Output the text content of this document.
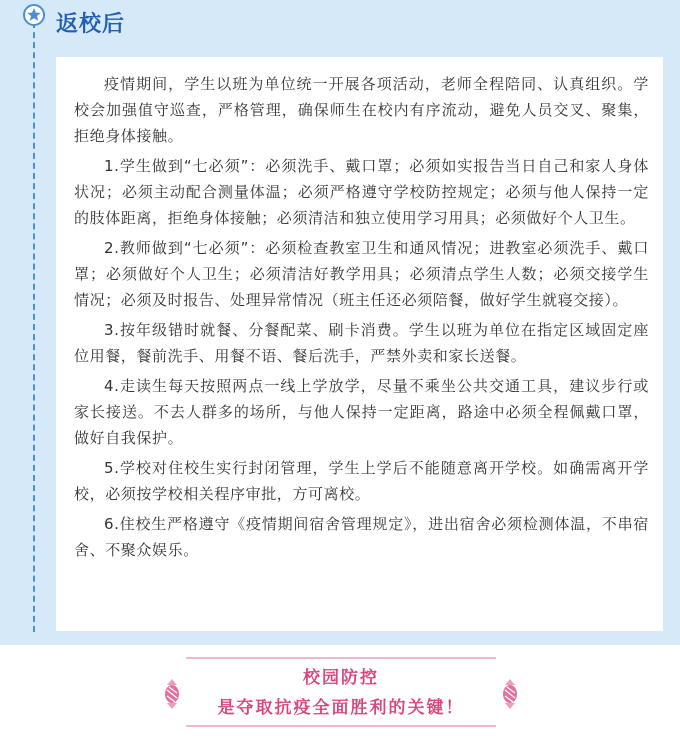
返校后

疫情期间，学生以班为单位统一开展各项活动，老师全程陪同、认真组织。学校会加强值守巡查，严格管理，确保师生在校内有序流动，避免人员交叉、聚集，拒绝身体接触。

1.学生做到“七必须”：必须洗手、戴口罩；必须如实报告当日自己和家人身体状况；必须主动配合测量体温；必须严格遵守学校防控规定；必须与他人保持一定的肢体距离，拒绝身体接触；必须清洁和独立使用学习用具；必须做好个人卫生。

2.教师做到“七必须”：必须检查教室卫生和通风情况；进教室必须洗手、戴口罩；必须做好个人卫生；必须清洁好教学用具；必须清点学生人数；必须交接学生情况；必须及时报告、处理异常情况（班主任还必须陪餐，做好学生就寝交接）。

3.按年级错时就餐、分餐配菜、刷卡消费。学生以班为单位在指定区域固定座位用餐，餐前洗手、用餐不语、餐后洗手，严禁外卖和家长送餐。

4.走读生每天按照两点一线上学放学，尽量不乘坐公共交通工具，建议步行或家长接送。不去人群多的场所，与他人保持一定距离，路途中必须全程佩戴口罩，做好自我保护。

5.学校对住校生实行封闭管理，学生上学后不能随意离开学校。如确需离开学校，必须按学校相关程序审批，方可离校。

6.住校生严格遵守《疫情期间宿舍管理规定》，进出宿舍必须检测体温，不串宿舍、不聚众娱乐。

校园防控
是夺取抗疫全面胜利的关键！
